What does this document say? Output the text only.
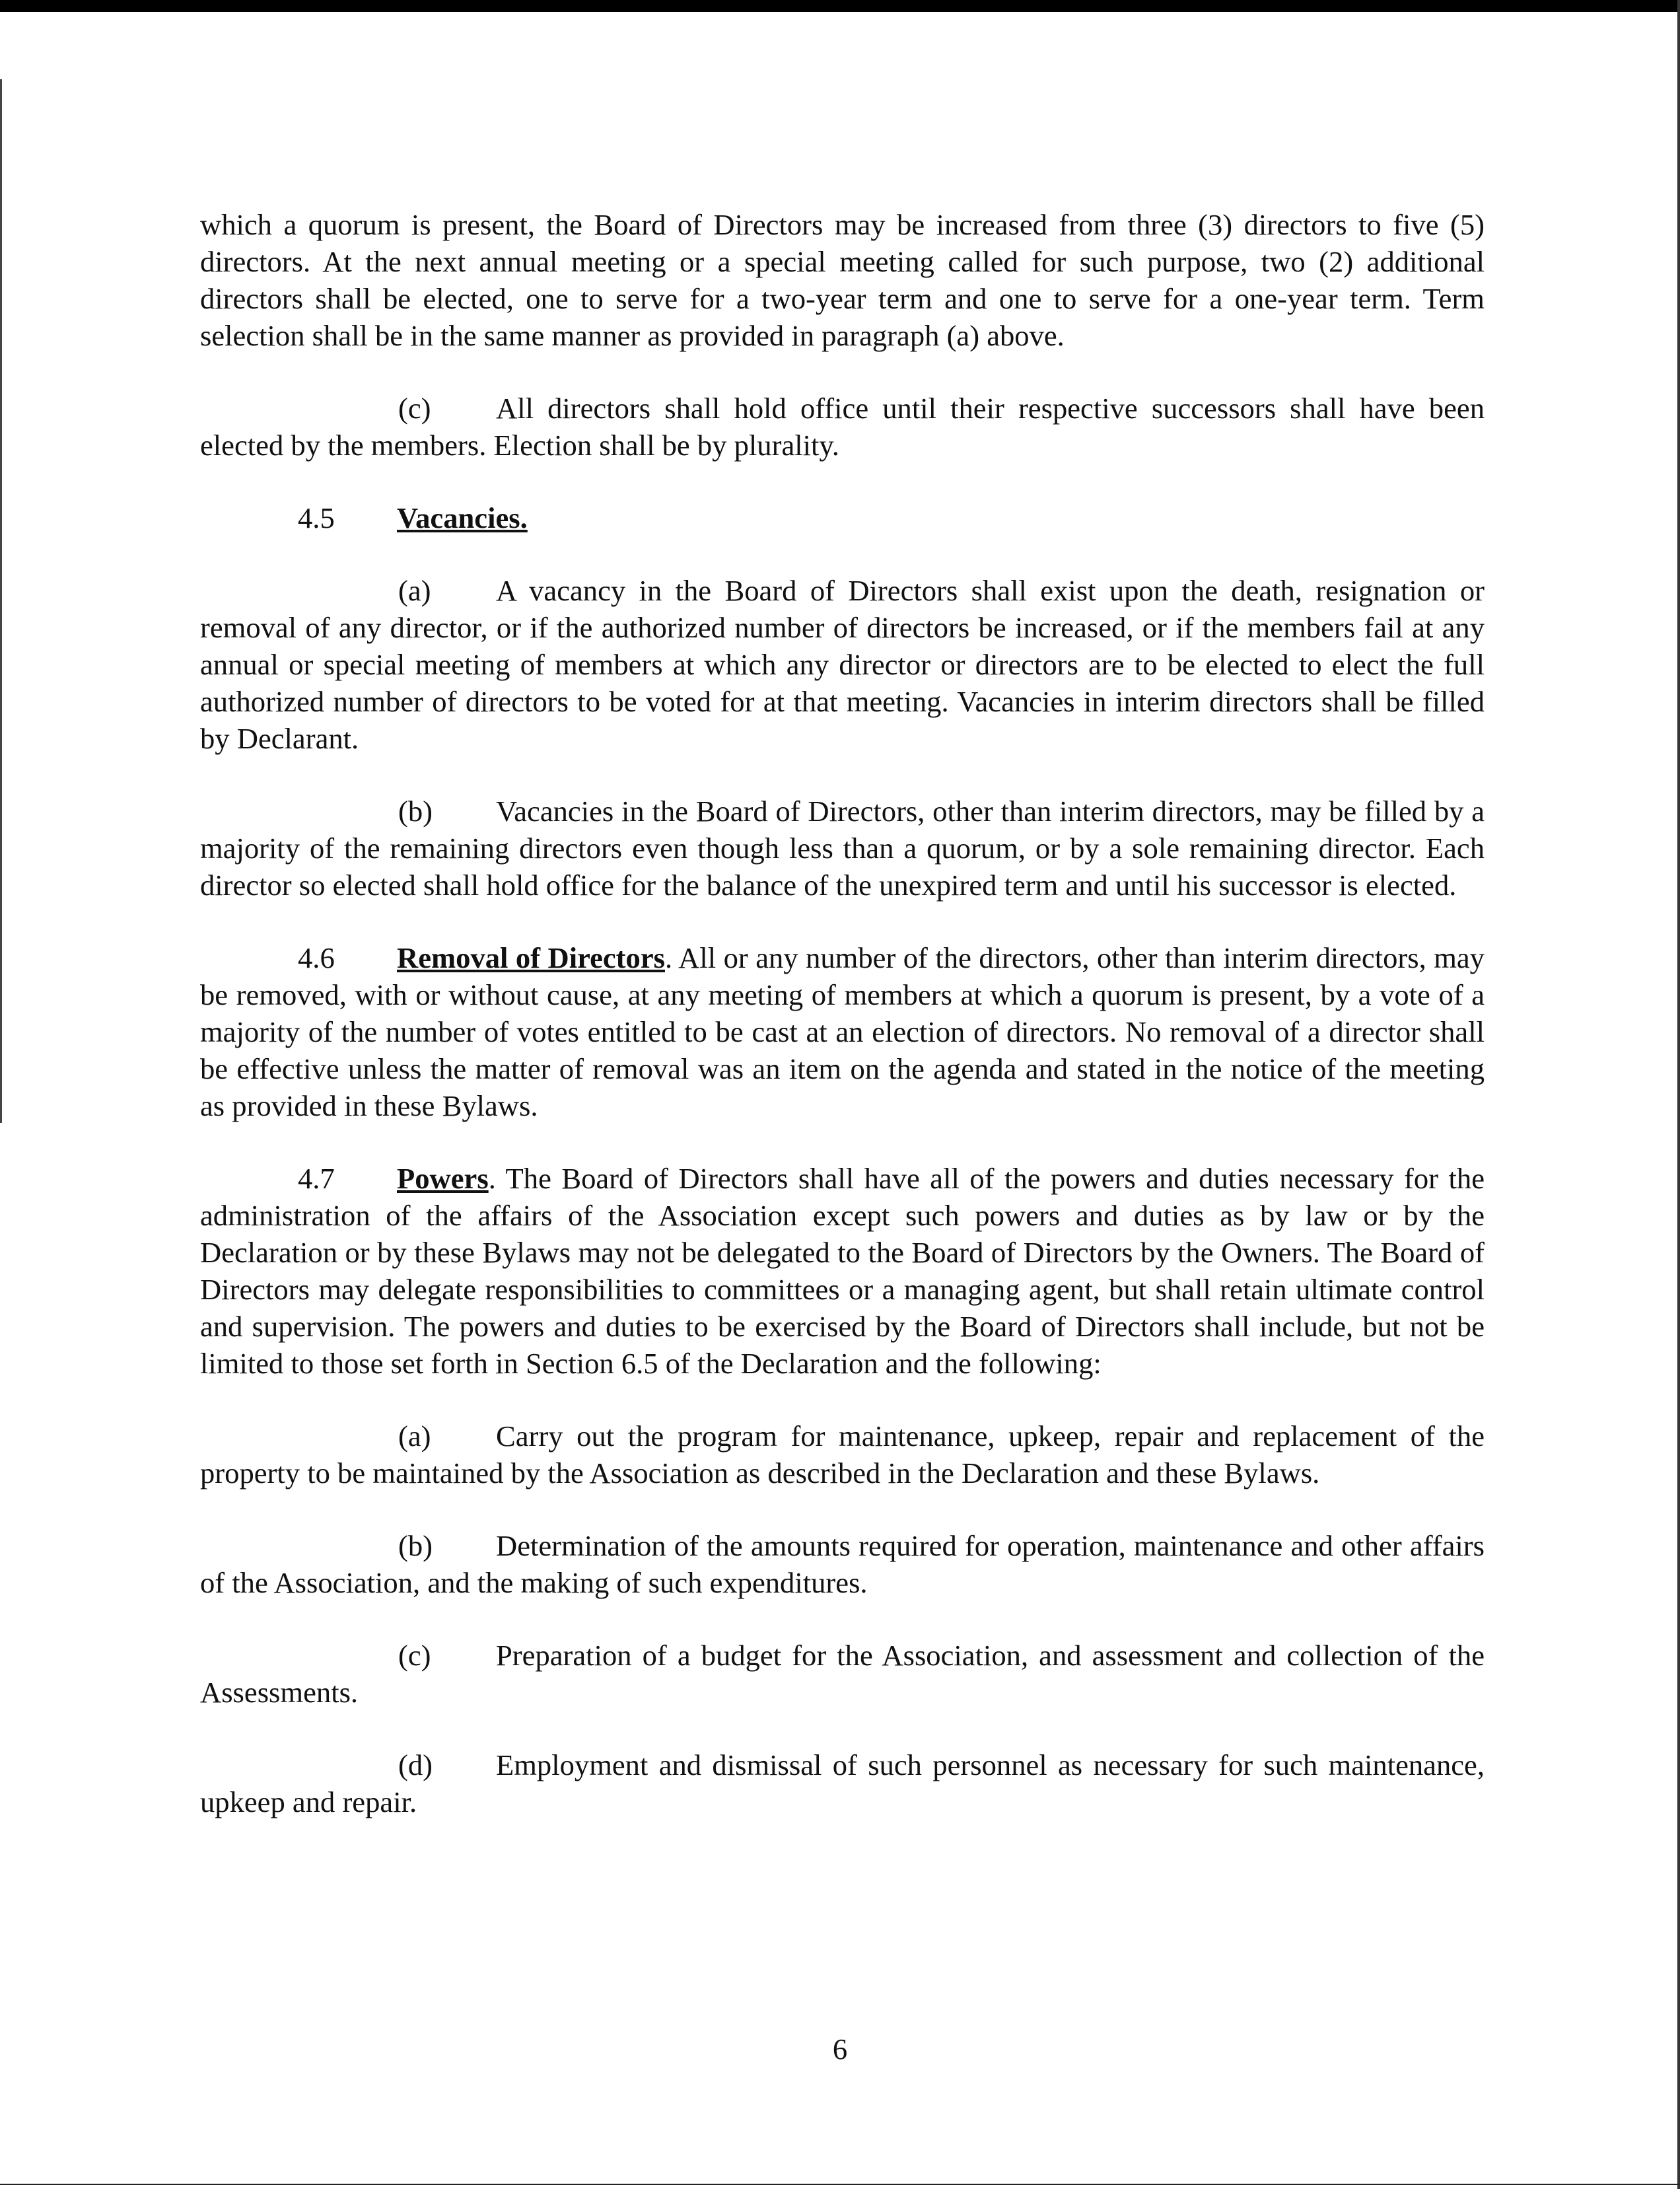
which a quorum is present, the Board of Directors may be increased from three (3) directors to five (5) directors. At the next annual meeting or a special meeting called for such purpose, two (2) additional directors shall be elected, one to serve for a two-year term and one to serve for a one-year term. Term selection shall be in the same manner as provided in paragraph (a) above.

(c) All directors shall hold office until their respective successors shall have been elected by the members. Election shall be by plurality.

4.5 Vacancies.

(a) A vacancy in the Board of Directors shall exist upon the death, resignation or removal of any director, or if the authorized number of directors be increased, or if the members fail at any annual or special meeting of members at which any director or directors are to be elected to elect the full authorized number of directors to be voted for at that meeting. Vacancies in interim directors shall be filled by Declarant.

(b) Vacancies in the Board of Directors, other than interim directors, may be filled by a majority of the remaining directors even though less than a quorum, or by a sole remaining director. Each director so elected shall hold office for the balance of the unexpired term and until his successor is elected.

4.6 Removal of Directors. All or any number of the directors, other than interim directors, may be removed, with or without cause, at any meeting of members at which a quorum is present, by a vote of a majority of the number of votes entitled to be cast at an election of directors. No removal of a director shall be effective unless the matter of removal was an item on the agenda and stated in the notice of the meeting as provided in these Bylaws.

4.7 Powers. The Board of Directors shall have all of the powers and duties necessary for the administration of the affairs of the Association except such powers and duties as by law or by the Declaration or by these Bylaws may not be delegated to the Board of Directors by the Owners. The Board of Directors may delegate responsibilities to committees or a managing agent, but shall retain ultimate control and supervision. The powers and duties to be exercised by the Board of Directors shall include, but not be limited to those set forth in Section 6.5 of the Declaration and the following:

(a) Carry out the program for maintenance, upkeep, repair and replacement of the property to be maintained by the Association as described in the Declaration and these Bylaws.

(b) Determination of the amounts required for operation, maintenance and other affairs of the Association, and the making of such expenditures.

(c) Preparation of a budget for the Association, and assessment and collection of the Assessments.

(d) Employment and dismissal of such personnel as necessary for such maintenance, upkeep and repair.

6
